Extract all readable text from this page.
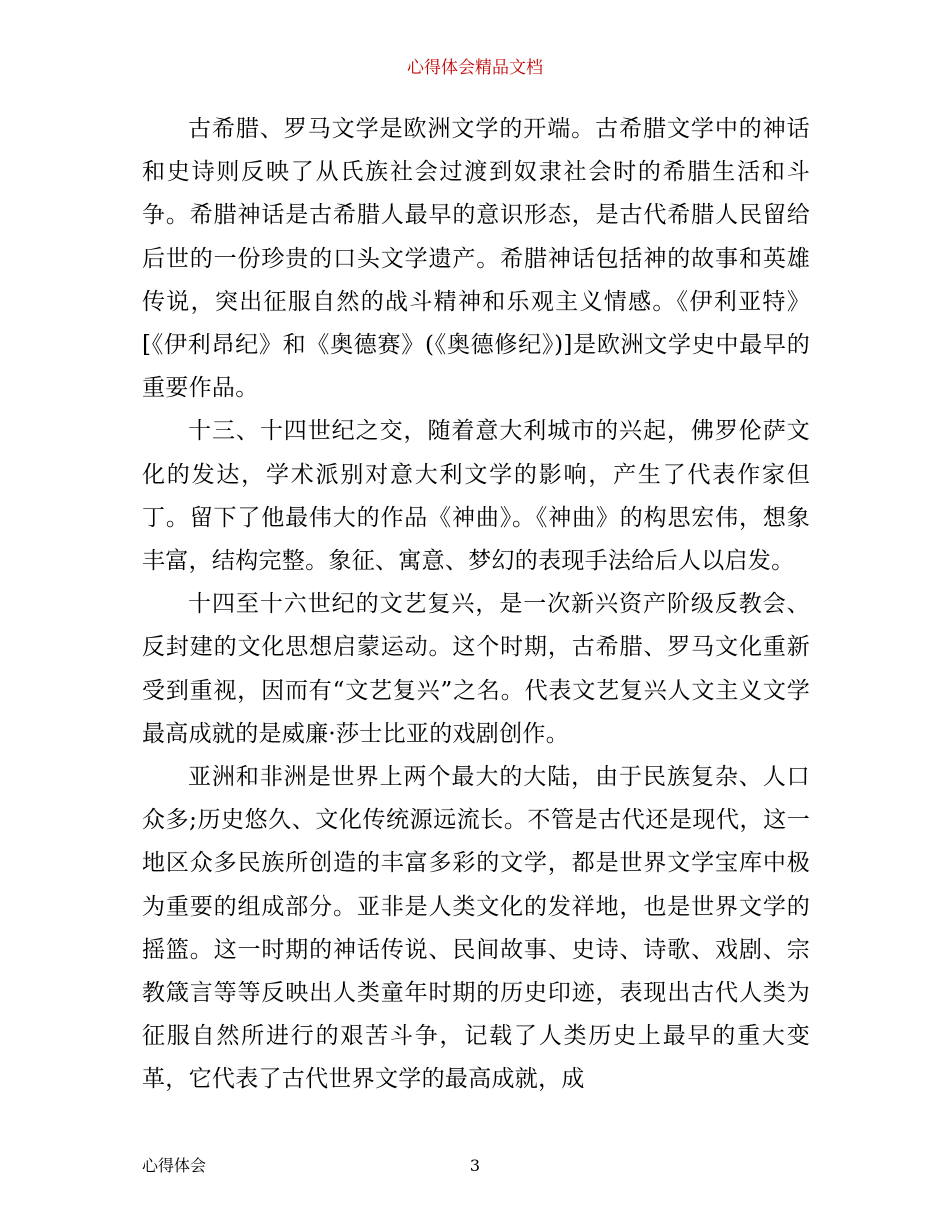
心得体会精品文档

古希腊、罗马文学是欧洲文学的开端。古希腊文学中的神话和史诗则反映了从氏族社会过渡到奴隶社会时的希腊生活和斗争。希腊神话是古希腊人最早的意识形态，是古代希腊人民留给后世的一份珍贵的口头文学遗产。希腊神话包括神的故事和英雄传说，突出征服自然的战斗精神和乐观主义情感。《伊利亚特》[《伊利昂纪》和《奥德赛》(《奥德修纪》)]是欧洲文学史中最早的重要作品。

十三、十四世纪之交，随着意大利城市的兴起，佛罗伦萨文化的发达，学术派别对意大利文学的影响，产生了代表作家但丁。留下了他最伟大的作品《神曲》。《神曲》的构思宏伟，想象丰富，结构完整。象征、寓意、梦幻的表现手法给后人以启发。

十四至十六世纪的文艺复兴，是一次新兴资产阶级反教会、反封建的文化思想启蒙运动。这个时期，古希腊、罗马文化重新受到重视，因而有“文艺复兴”之名。代表文艺复兴人文主义文学最高成就的是威廉·莎士比亚的戏剧创作。

亚洲和非洲是世界上两个最大的大陆，由于民族复杂、人口众多;历史悠久、文化传统源远流长。不管是古代还是现代，这一地区众多民族所创造的丰富多彩的文学，都是世界文学宝库中极为重要的组成部分。亚非是人类文化的发祥地，也是世界文学的摇篮。这一时期的神话传说、民间故事、史诗、诗歌、戏剧、宗教箴言等等反映出人类童年时期的历史印迹，表现出古代人类为征服自然所进行的艰苦斗争，记载了人类历史上最早的重大变革，它代表了古代世界文学的最高成就，成

心得体会	3
